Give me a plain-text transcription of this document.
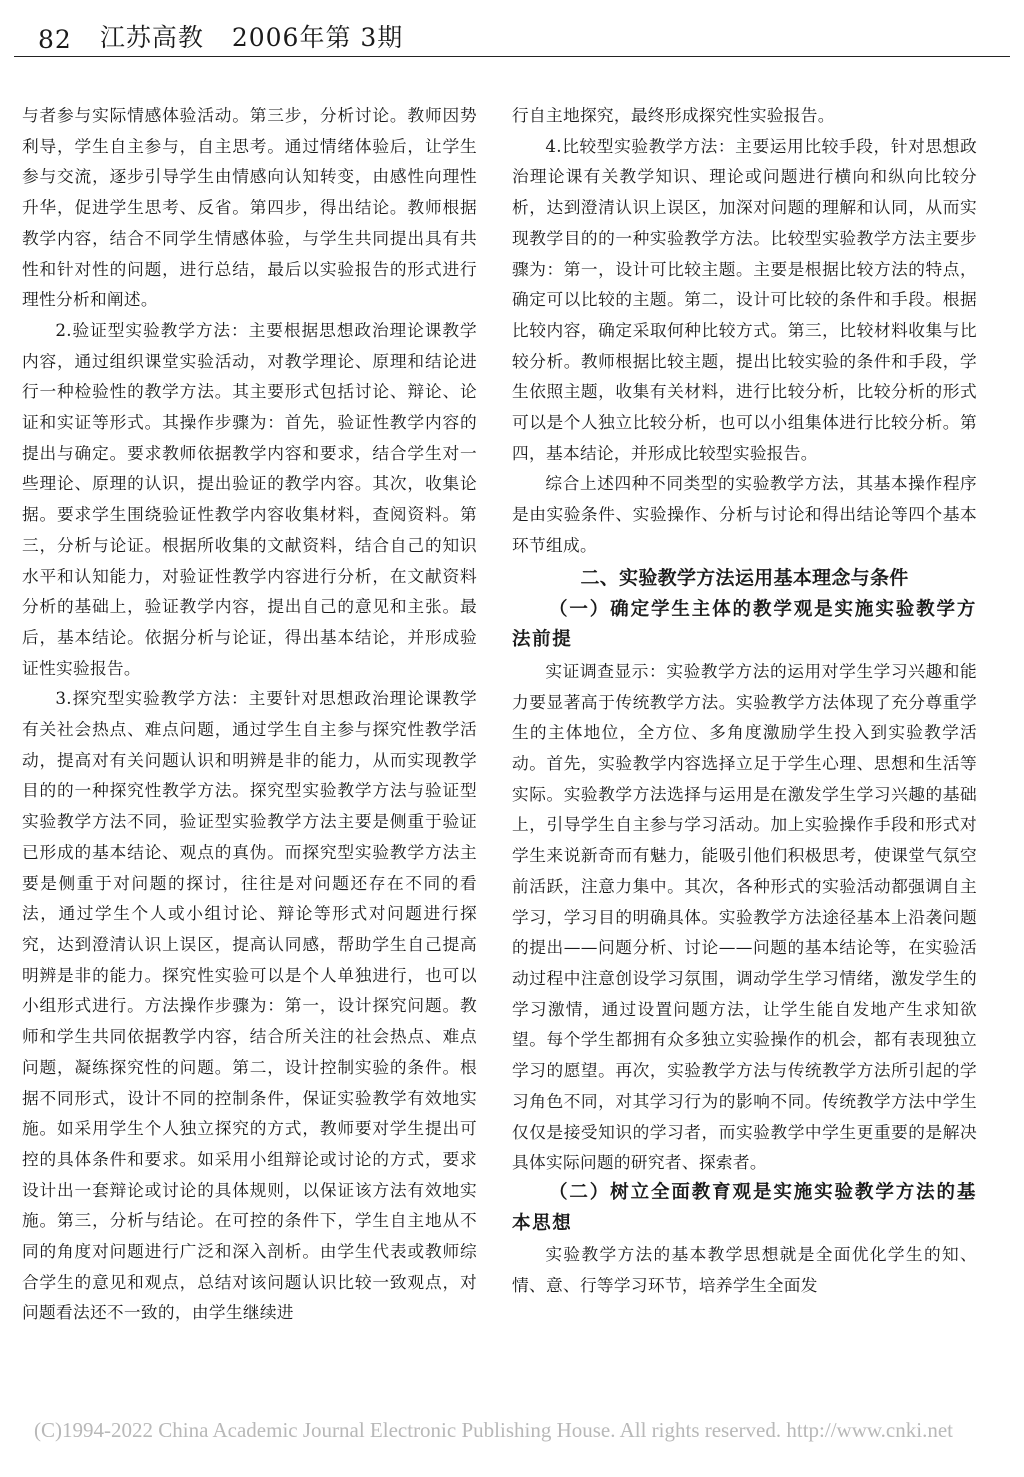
82 江苏高教 2006年第 3期

与者参与实际情感体验活动。第三步，分析讨论。教师因势利导，学生自主参与，自主思考。通过情绪体验后，让学生参与交流，逐步引导学生由情感向认知转变，由感性向理性升华，促进学生思考、反省。第四步，得出结论。教师根据教学内容，结合不同学生情感体验，与学生共同提出具有共性和针对性的问题，进行总结，最后以实验报告的形式进行理性分析和阐述。

2.验证型实验教学方法：主要根据思想政治理论课教学内容，通过组织课堂实验活动，对教学理论、原理和结论进行一种检验性的教学方法。其主要形式包括讨论、辩论、论证和实证等形式。其操作步骤为：首先，验证性教学内容的提出与确定。要求教师依据教学内容和要求，结合学生对一些理论、原理的认识，提出验证的教学内容。其次，收集论据。要求学生围绕验证性教学内容收集材料，查阅资料。第三，分析与论证。根据所收集的文献资料，结合自己的知识水平和认知能力，对验证性教学内容进行分析，在文献资料分析的基础上，验证教学内容，提出自己的意见和主张。最后，基本结论。依据分析与论证，得出基本结论，并形成验证性实验报告。

3.探究型实验教学方法：主要针对思想政治理论课教学有关社会热点、难点问题，通过学生自主参与探究性教学活动，提高对有关问题认识和明辨是非的能力，从而实现教学目的的一种探究性教学方法。探究型实验教学方法与验证型实验教学方法不同，验证型实验教学方法主要是侧重于验证已形成的基本结论、观点的真伪。而探究型实验教学方法主要是侧重于对问题的探讨，往往是对问题还存在不同的看法，通过学生个人或小组讨论、辩论等形式对问题进行探究，达到澄清认识上误区，提高认同感，帮助学生自己提高明辨是非的能力。探究性实验可以是个人单独进行，也可以小组形式进行。方法操作步骤为：第一，设计探究问题。教师和学生共同依据教学内容，结合所关注的社会热点、难点问题，凝练探究性的问题。第二，设计控制实验的条件。根据不同形式，设计不同的控制条件，保证实验教学有效地实施。如采用学生个人独立探究的方式，教师要对学生提出可控的具体条件和要求。如采用小组辩论或讨论的方式，要求设计出一套辩论或讨论的具体规则，以保证该方法有效地实施。第三，分析与结论。在可控的条件下，学生自主地从不同的角度对问题进行广泛和深入剖析。由学生代表或教师综合学生的意见和观点，总结对该问题认识比较一致观点，对问题看法还不一致的，由学生继续进

行自主地探究，最终形成探究性实验报告。

4.比较型实验教学方法：主要运用比较手段，针对思想政治理论课有关教学知识、理论或问题进行横向和纵向比较分析，达到澄清认识上误区，加深对问题的理解和认同，从而实现教学目的的一种实验教学方法。比较型实验教学方法主要步骤为：第一，设计可比较主题。主要是根据比较方法的特点，确定可以比较的主题。第二，设计可比较的条件和手段。根据比较内容，确定采取何种比较方式。第三，比较材料收集与比较分析。教师根据比较主题，提出比较实验的条件和手段，学生依照主题，收集有关材料，进行比较分析，比较分析的形式可以是个人独立比较分析，也可以小组集体进行比较分析。第四，基本结论，并形成比较型实验报告。

综合上述四种不同类型的实验教学方法，其基本操作程序是由实验条件、实验操作、分析与讨论和得出结论等四个基本环节组成。

二、实验教学方法运用基本理念与条件
（一）确定学生主体的教学观是实施实验教学方法前提

实证调查显示：实验教学方法的运用对学生学习兴趣和能力要显著高于传统教学方法。实验教学方法体现了充分尊重学生的主体地位，全方位、多角度激励学生投入到实验教学活动。首先，实验教学内容选择立足于学生心理、思想和生活等实际。实验教学方法选择与运用是在激发学生学习兴趣的基础上，引导学生自主参与学习活动。加上实验操作手段和形式对学生来说新奇而有魅力，能吸引他们积极思考，使课堂气氛空前活跃，注意力集中。其次，各种形式的实验活动都强调自主学习，学习目的明确具体。实验教学方法途径基本上沿袭问题的提出——问题分析、讨论——问题的基本结论等，在实验活动过程中注意创设学习氛围，调动学生学习情绪，激发学生的学习激情，通过设置问题方法，让学生能自发地产生求知欲望。每个学生都拥有众多独立实验操作的机会，都有表现独立学习的愿望。再次，实验教学方法与传统教学方法所引起的学习角色不同，对其学习行为的影响不同。传统教学方法中学生仅仅是接受知识的学习者，而实验教学中学生更重要的是解决具体实际问题的研究者、探索者。

（二）树立全面教育观是实施实验教学方法的基本思想

实验教学方法的基本教学思想就是全面优化学生的知、情、意、行等学习环节，培养学生全面发

(C)1994-2022 China Academic Journal Electronic Publishing House. All rights reserved. http://www.cnki.net
